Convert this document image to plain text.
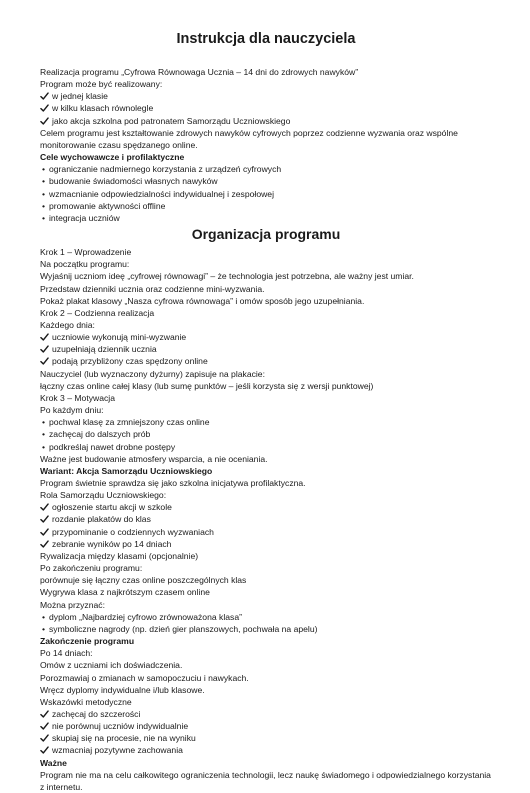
Instrukcja dla nauczyciela
Realizacja programu „Cyfrowa Równowaga Ucznia – 14 dni do zdrowych nawyków”
Program może być realizowany:
w jednej klasie
w kilku klasach równolegle
jako akcja szkolna pod patronatem Samorządu Uczniowskiego
Celem programu jest kształtowanie zdrowych nawyków cyfrowych poprzez codzienne wyzwania oraz wspólne monitorowanie czasu spędzanego online.
Cele wychowawcze i profilaktyczne
• ograniczanie nadmiernego korzystania z urządzeń cyfrowych
• budowanie świadomości własnych nawyków
• wzmacnianie odpowiedzialności indywidualnej i zespołowej
• promowanie aktywności offline
• integracja uczniów
Organizacja programu
Krok 1 – Wprowadzenie
Na początku programu:
Wyjaśnij uczniom ideę „cyfrowej równowagi” – że technologia jest potrzebna, ale ważny jest umiar.
Przedstaw dzienniki ucznia oraz codzienne mini-wyzwania.
Pokaż plakat klasowy „Nasza cyfrowa równowaga” i omów sposób jego uzupełniania.
Krok 2 – Codzienna realizacja
Każdego dnia:
uczniowie wykonują mini-wyzwanie
uzupełniają dziennik ucznia
podają przybliżony czas spędzony online
Nauczyciel (lub wyznaczony dyżurny) zapisuje na plakacie:
łączny czas online całej klasy (lub sumę punktów – jeśli korzysta się z wersji punktowej)
Krok 3 – Motywacja
Po każdym dniu:
• pochwal klasę za zmniejszony czas online
• zachęcaj do dalszych prób
• podkreślaj nawet drobne postępy
Ważne jest budowanie atmosfery wsparcia, a nie oceniania.
Wariant: Akcja Samorządu Uczniowskiego
Program świetnie sprawdza się jako szkolna inicjatywa profilaktyczna.
Rola Samorządu Uczniowskiego:
ogłoszenie startu akcji w szkole
rozdanie plakatów do klas
przypominanie o codziennych wyzwaniach
zebranie wyników po 14 dniach
Rywalizacja między klasami (opcjonalnie)
Po zakończeniu programu:
porównuje się łączny czas online poszczególnych klas
Wygrywa klasa z najkrótszym czasem online
Można przyznać:
• dyplom „Najbardziej cyfrowo zrównoważona klasa”
• symboliczne nagrody (np. dzień gier planszowych, pochwała na apelu)
Zakończenie programu
Po 14 dniach:
Omów z uczniami ich doświadczenia.
Porozmawiaj o zmianach w samopoczuciu i nawykach.
Wręcz dyplomy indywidualne i/lub klasowe.
Wskazówki metodyczne
zachęcaj do szczerości
nie porównuj uczniów indywidualnie
skupiaj się na procesie, nie na wyniku
wzmacniaj pozytywne zachowania
Ważne
Program nie ma na celu całkowitego ograniczenia technologii, lecz naukę świadomego i odpowiedzialnego korzystania z internetu.
